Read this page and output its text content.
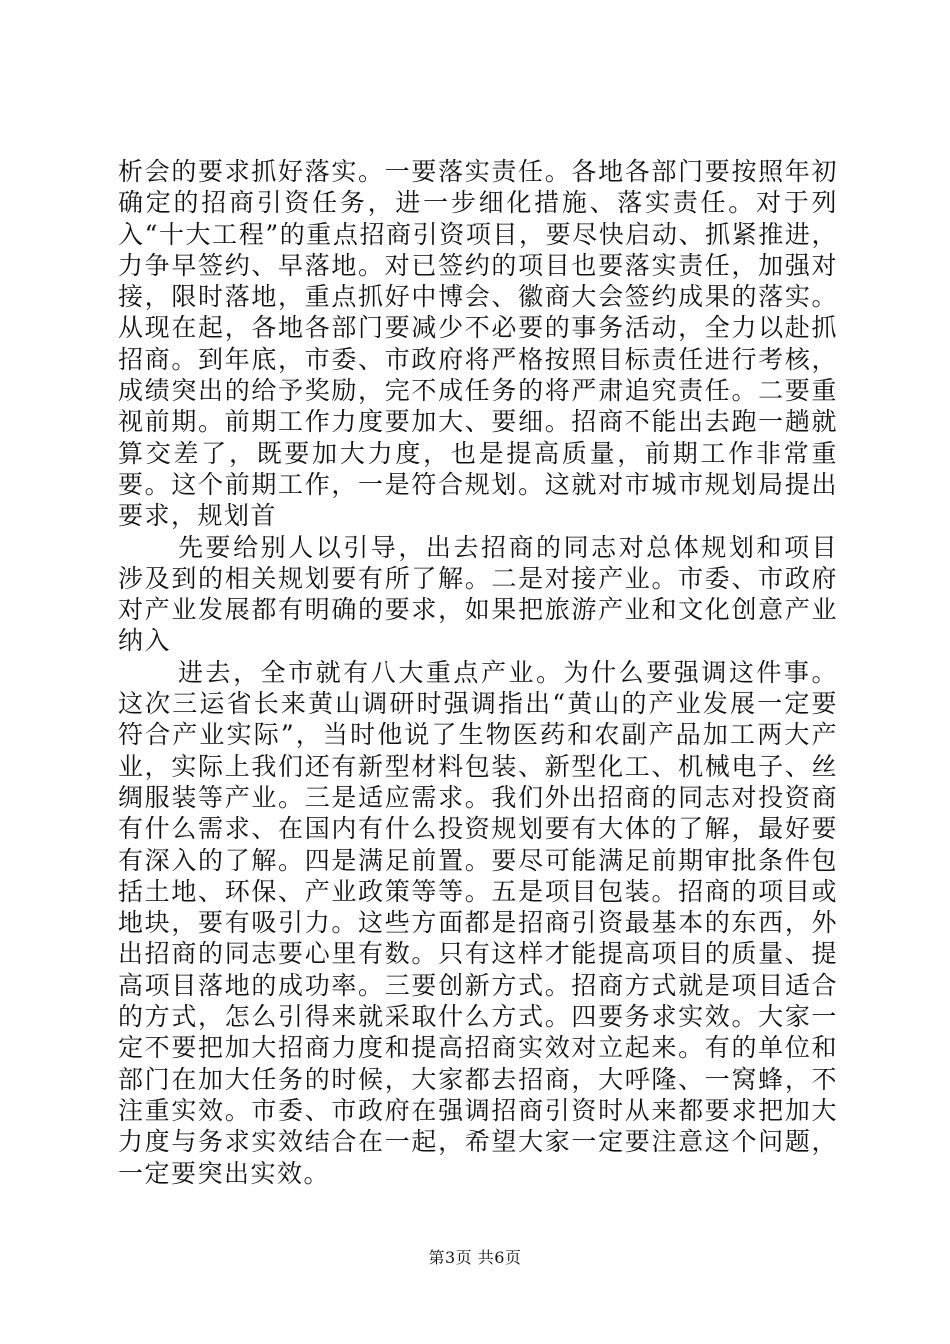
析会的要求抓好落实。一要落实责任。各地各部门要按照年初确定的招商引资任务，进一步细化措施、落实责任。对于列入“十大工程”的重点招商引资项目，要尽快启动、抓紧推进，力争早签约、早落地。对已签约的项目也要落实责任，加强对接，限时落地，重点抓好中博会、徽商大会签约成果的落实。从现在起，各地各部门要减少不必要的事务活动，全力以赴抓招商。到年底，市委、市政府将严格按照目标责任进行考核，成绩突出的给予奖励，完不成任务的将严肃追究责任。二要重视前期。前期工作力度要加大、要细。招商不能出去跑一趟就算交差了，既要加大力度，也是提高质量，前期工作非常重要。这个前期工作，一是符合规划。这就对市城市规划局提出要求，规划首

先要给别人以引导，出去招商的同志对总体规划和项目涉及到的相关规划要有所了解。二是对接产业。市委、市政府对产业发展都有明确的要求，如果把旅游产业和文化创意产业纳入

进去，全市就有八大重点产业。为什么要强调这件事。这次三运省长来黄山调研时强调指出“黄山的产业发展一定要符合产业实际”，当时他说了生物医药和农副产品加工两大产业，实际上我们还有新型材料包装、新型化工、机械电子、丝绸服装等产业。三是适应需求。我们外出招商的同志对投资商有什么需求、在国内有什么投资规划要有大体的了解，最好要有深入的了解。四是满足前置。要尽可能满足前期审批条件包括土地、环保、产业政策等等。五是项目包装。招商的项目或地块，要有吸引力。这些方面都是招商引资最基本的东西，外出招商的同志要心里有数。只有这样才能提高项目的质量、提高项目落地的成功率。三要创新方式。招商方式就是项目适合的方式，怎么引得来就采取什么方式。四要务求实效。大家一定不要把加大招商力度和提高招商实效对立起来。有的单位和部门在加大任务的时候，大家都去招商，大呼隆、一窝蜂，不注重实效。市委、市政府在强调招商引资时从来都要求把加大力度与务求实效结合在一起，希望大家一定要注意这个问题，一定要突出实效。

第3页 共6页
